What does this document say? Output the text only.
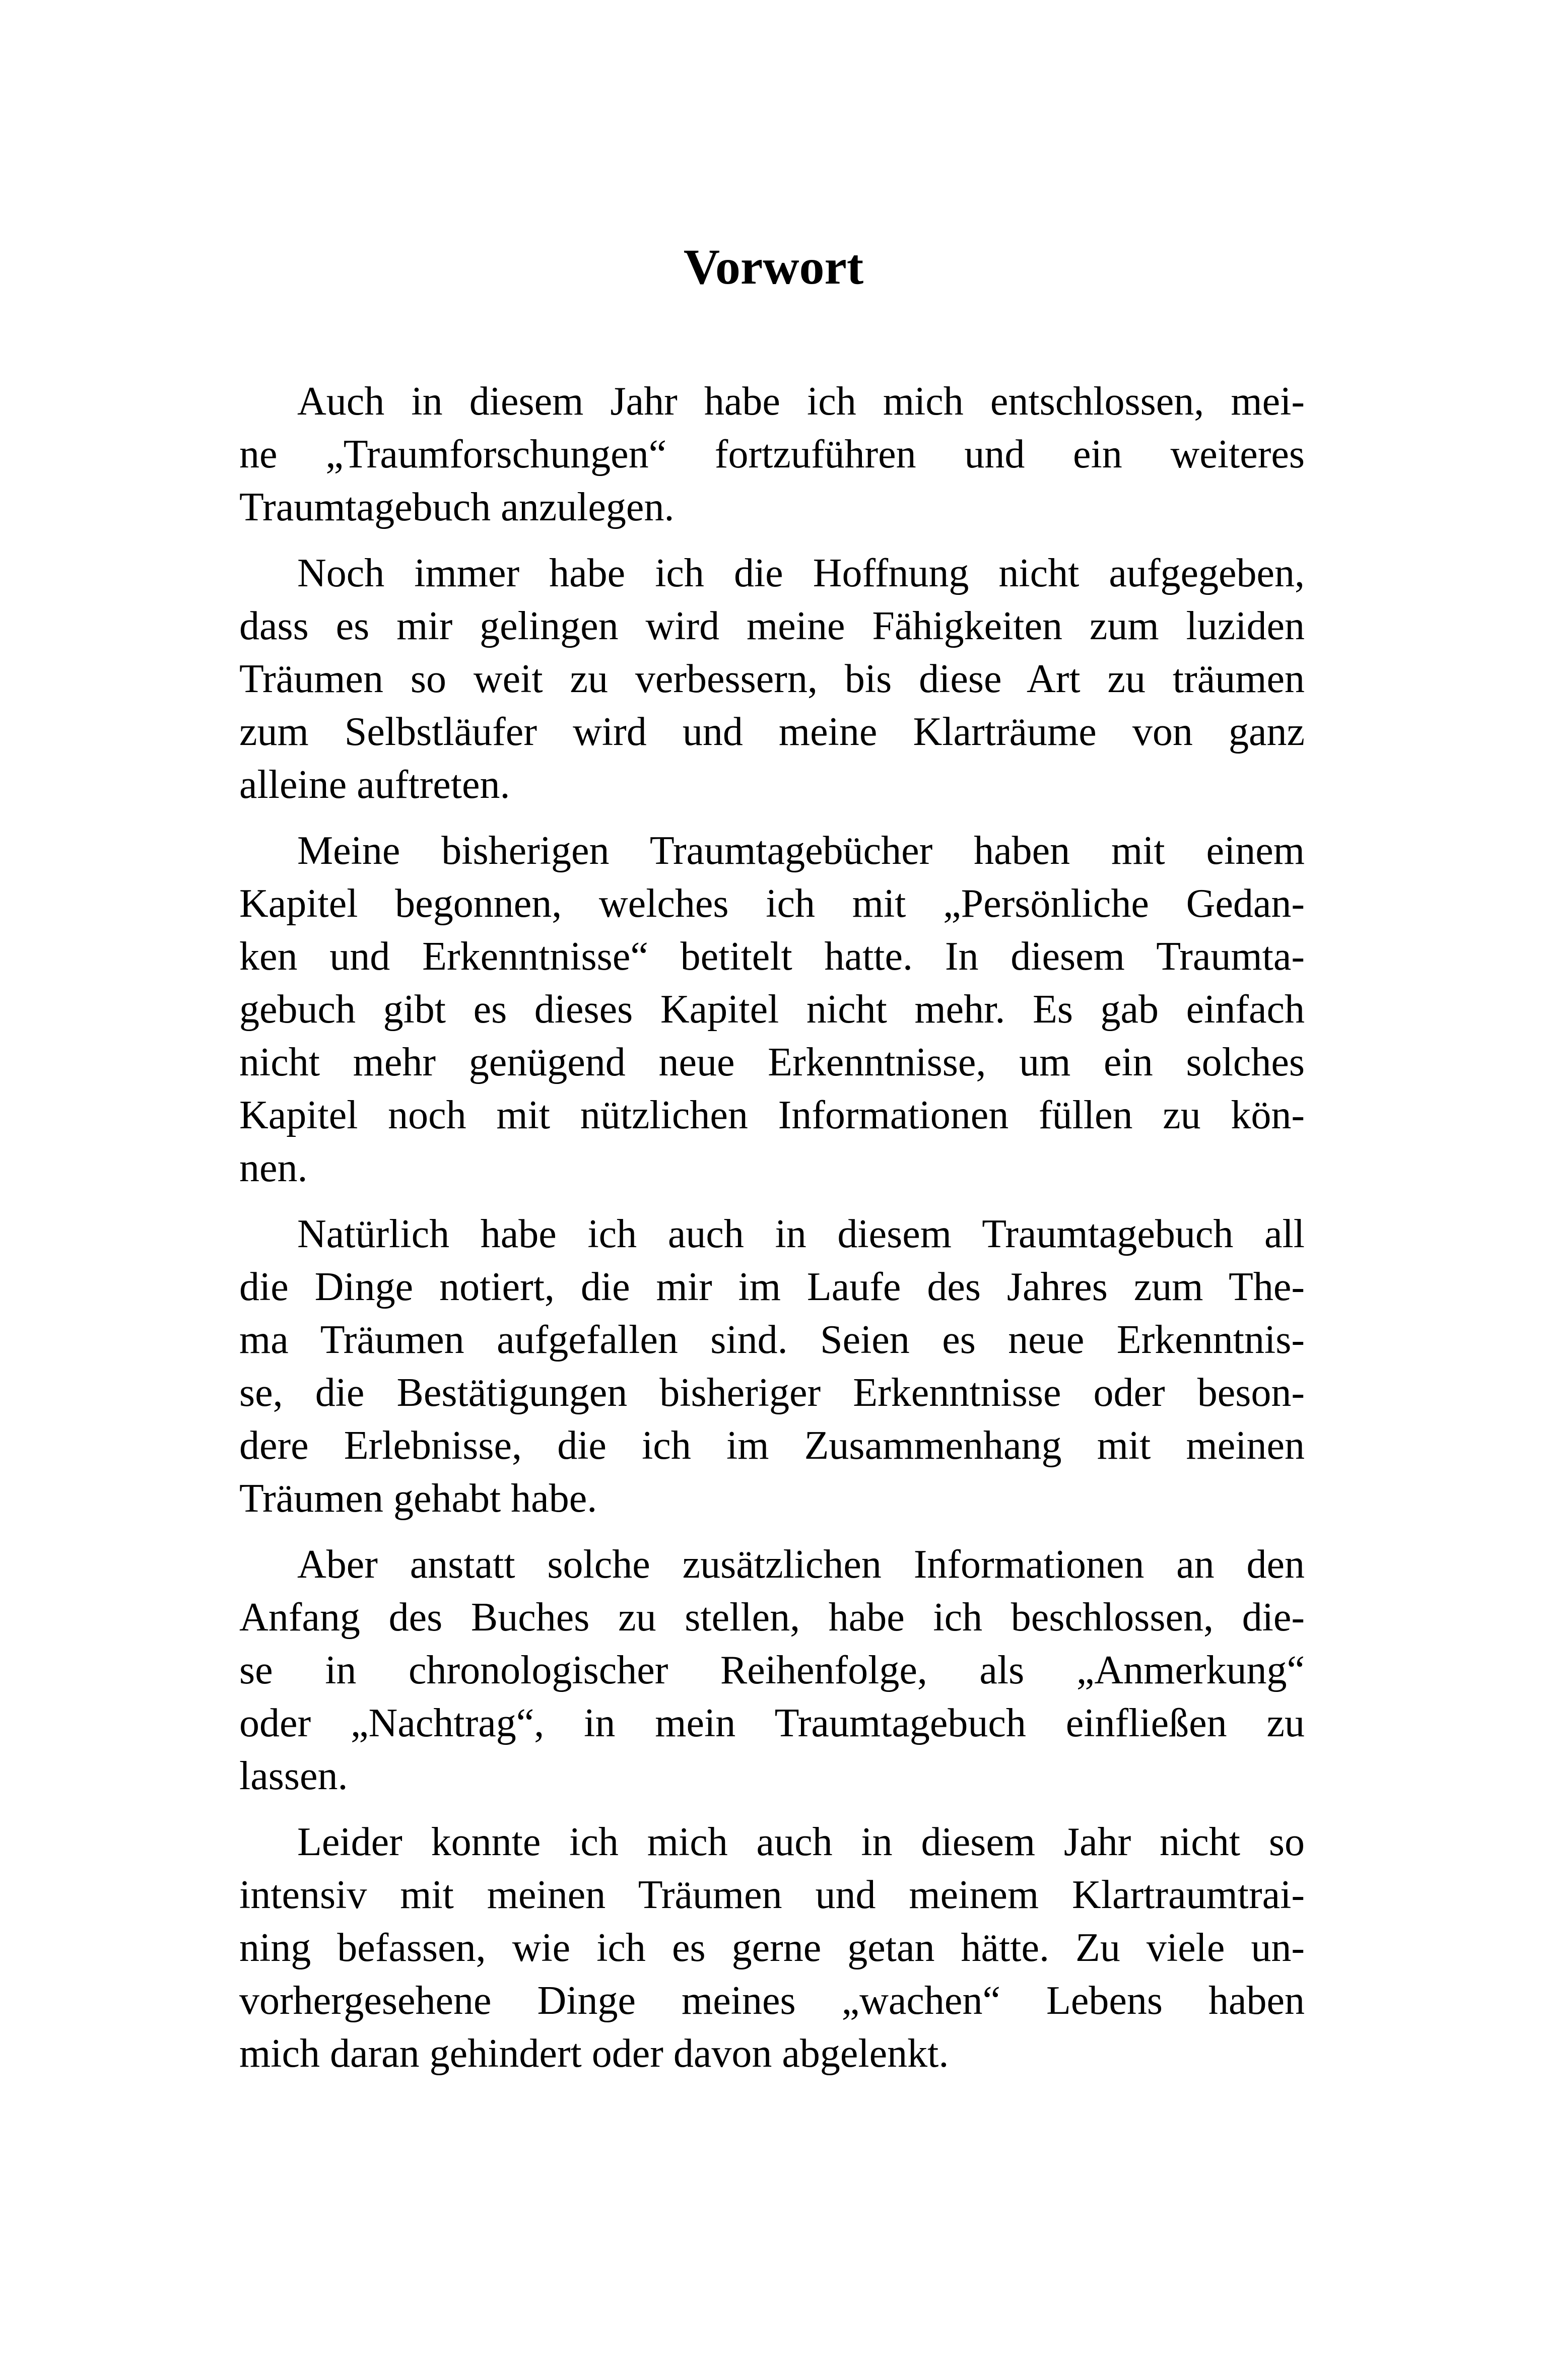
Vorwort

Auch in diesem Jahr habe ich mich entschlossen, mei-
ne „Traumforschungen“ fortzuführen und ein weiteres
Traumtagebuch anzulegen.

Noch immer habe ich die Hoffnung nicht aufgegeben,
dass es mir gelingen wird meine Fähigkeiten zum luziden
Träumen so weit zu verbessern, bis diese Art zu träumen
zum Selbstläufer wird und meine Klarträume von ganz
alleine auftreten.

Meine bisherigen Traumtagebücher haben mit einem
Kapitel begonnen, welches ich mit „Persönliche Gedan-
ken und Erkenntnisse“ betitelt hatte. In diesem Traumta-
gebuch gibt es dieses Kapitel nicht mehr. Es gab einfach
nicht mehr genügend neue Erkenntnisse, um ein solches
Kapitel noch mit nützlichen Informationen füllen zu kön-
nen.

Natürlich habe ich auch in diesem Traumtagebuch all
die Dinge notiert, die mir im Laufe des Jahres zum The-
ma Träumen aufgefallen sind. Seien es neue Erkenntnis-
se, die Bestätigungen bisheriger Erkenntnisse oder beson-
dere Erlebnisse, die ich im Zusammenhang mit meinen
Träumen gehabt habe.

Aber anstatt solche zusätzlichen Informationen an den
Anfang des Buches zu stellen, habe ich beschlossen, die-
se in chronologischer Reihenfolge, als „Anmerkung“
oder „Nachtrag“, in mein Traumtagebuch einfließen zu
lassen.

Leider konnte ich mich auch in diesem Jahr nicht so
intensiv mit meinen Träumen und meinem Klartraumtrai-
ning befassen, wie ich es gerne getan hätte. Zu viele un-
vorhergesehene Dinge meines „wachen“ Lebens haben
mich daran gehindert oder davon abgelenkt.
